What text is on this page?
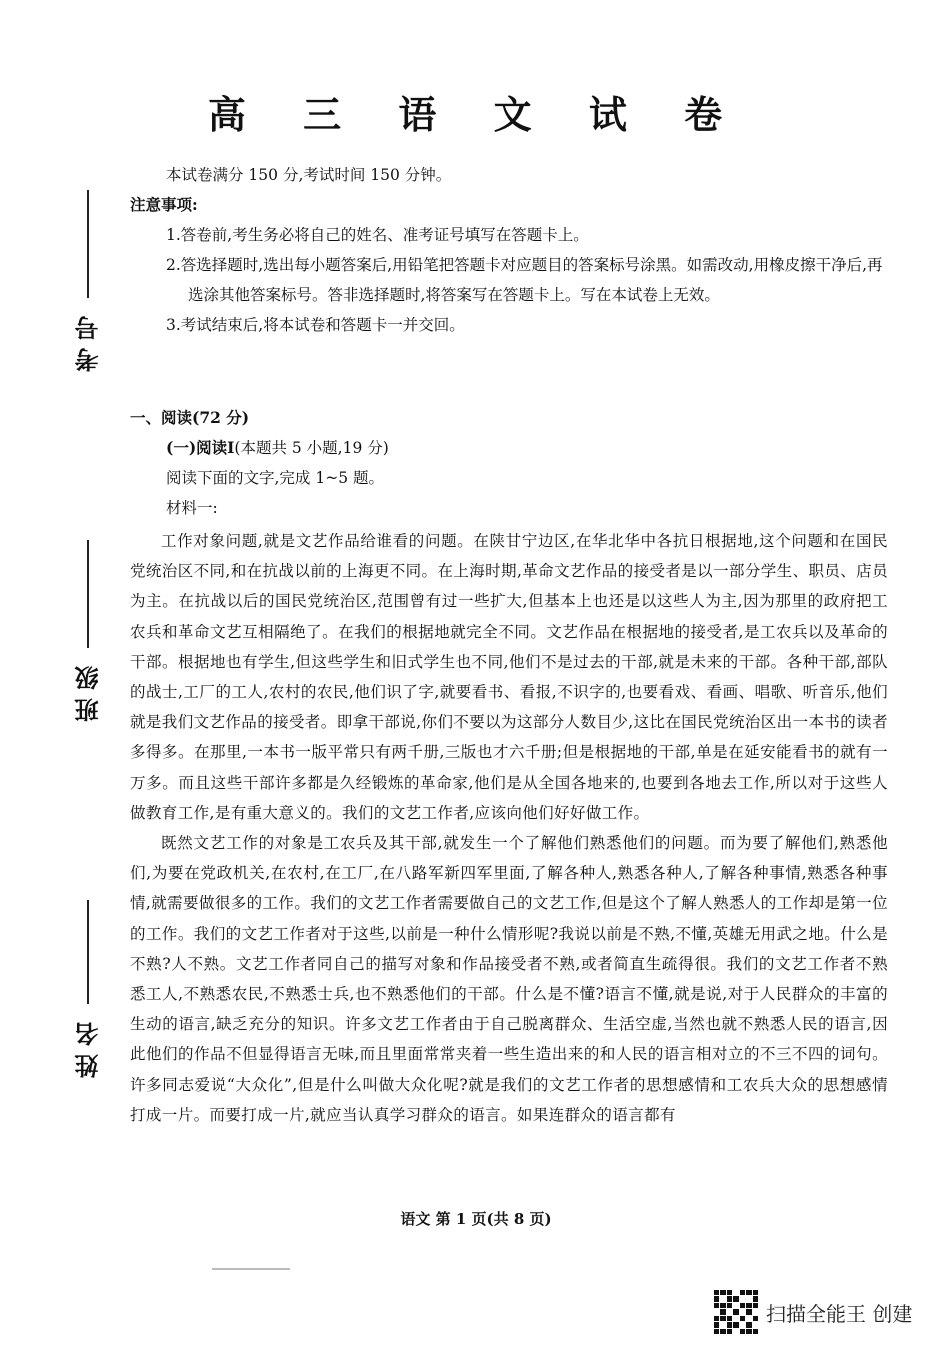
高 三 语 文 试 卷
考号
班级
姓名
本试卷满分 150 分,考试时间 150 分钟。
注意事项:
1.答卷前,考生务必将自己的姓名、准考证号填写在答题卡上。
2.答选择题时,选出每小题答案后,用铅笔把答题卡对应题目的答案标号涂黑。如需改动,用橡皮擦干净后,再选涂其他答案标号。答非选择题时,将答案写在答题卡上。写在本试卷上无效。
3.考试结束后,将本试卷和答题卡一并交回。
一、阅读(72 分)
(一)阅读Ⅰ(本题共 5 小题,19 分)
阅读下面的文字,完成 1~5 题。
材料一:

工作对象问题,就是文艺作品给谁看的问题。在陕甘宁边区,在华北华中各抗日根据地,这个问题和在国民党统治区不同,和在抗战以前的上海更不同。在上海时期,革命文艺作品的接受者是以一部分学生、职员、店员为主。在抗战以后的国民党统治区,范围曾有过一些扩大,但基本上也还是以这些人为主,因为那里的政府把工农兵和革命文艺互相隔绝了。在我们的根据地就完全不同。文艺作品在根据地的接受者,是工农兵以及革命的干部。根据地也有学生,但这些学生和旧式学生也不同,他们不是过去的干部,就是未来的干部。各种干部,部队的战士,工厂的工人,农村的农民,他们识了字,就要看书、看报,不识字的,也要看戏、看画、唱歌、听音乐,他们就是我们文艺作品的接受者。即拿干部说,你们不要以为这部分人数目少,这比在国民党统治区出一本书的读者多得多。在那里,一本书一版平常只有两千册,三版也才六千册;但是根据地的干部,单是在延安能看书的就有一万多。而且这些干部许多都是久经锻炼的革命家,他们是从全国各地来的,也要到各地去工作,所以对于这些人做教育工作,是有重大意义的。我们的文艺工作者,应该向他们好好做工作。

既然文艺工作的对象是工农兵及其干部,就发生一个了解他们熟悉他们的问题。而为要了解他们,熟悉他们,为要在党政机关,在农村,在工厂,在八路军新四军里面,了解各种人,熟悉各种人,了解各种事情,熟悉各种事情,就需要做很多的工作。我们的文艺工作者需要做自己的文艺工作,但是这个了解人熟悉人的工作却是第一位的工作。我们的文艺工作者对于这些,以前是一种什么情形呢?我说以前是不熟,不懂,英雄无用武之地。什么是不熟?人不熟。文艺工作者同自己的描写对象和作品接受者不熟,或者简直生疏得很。我们的文艺工作者不熟悉工人,不熟悉农民,不熟悉士兵,也不熟悉他们的干部。什么是不懂?语言不懂,就是说,对于人民群众的丰富的生动的语言,缺乏充分的知识。许多文艺工作者由于自己脱离群众、生活空虚,当然也就不熟悉人民的语言,因此他们的作品不但显得语言无味,而且里面常常夹着一些生造出来的和人民的语言相对立的不三不四的词句。许多同志爱说“大众化”,但是什么叫做大众化呢?就是我们的文艺工作者的思想感情和工农兵大众的思想感情打成一片。而要打成一片,就应当认真学习群众的语言。如果连群众的语言都有

语文 第 1 页(共 8 页)
扫描全能王 创建
